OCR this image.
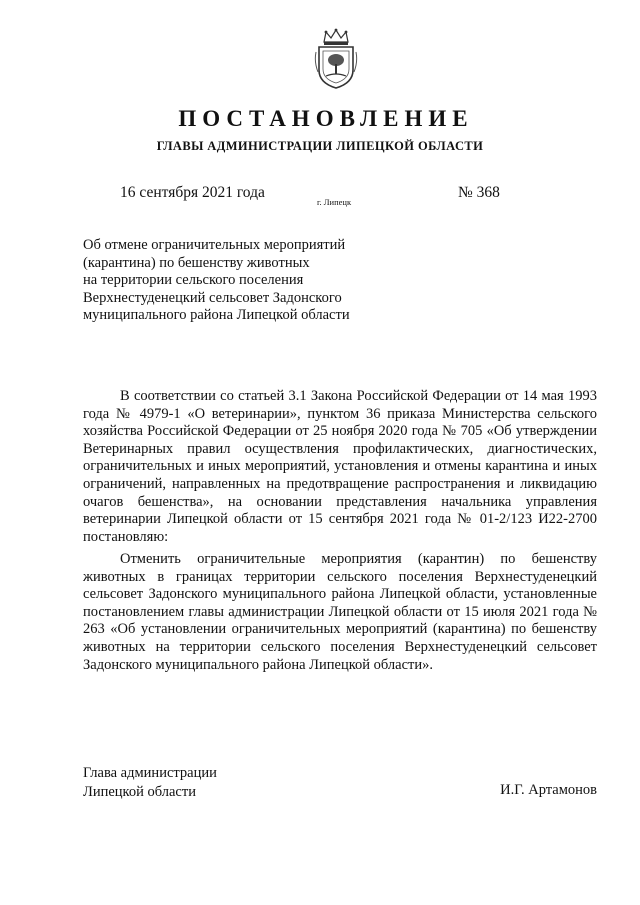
ПОСТАНОВЛЕНИЕ
ГЛАВЫ АДМИНИСТРАЦИИ ЛИПЕЦКОЙ ОБЛАСТИ
16 сентября 2021 года
г. Липецк
№ 368
Об отмене ограничительных мероприятий
(карантина) по бешенству животных
на территории сельского поселения
Верхнестуденецкий сельсовет Задонского
муниципального района Липецкой области

В соответствии со статьей 3.1 Закона Российской Федерации от 14 мая 1993 года № 4979-1 «О ветеринарии», пунктом 36 приказа Министерства сельского хозяйства Российской Федерации от 25 ноября 2020 года № 705 «Об утверждении Ветеринарных правил осуществления профилактических, диагностических, ограничительных и иных мероприятий, установления и отмены карантина и иных ограничений, направленных на предотвращение распространения и ликвидацию очагов бешенства», на основании представления начальника управления ветеринарии Липецкой области от 15 сентября 2021 года № 01-2/123 И22-2700 постановляю:

Отменить ограничительные мероприятия (карантин) по бешенству животных в границах территории сельского поселения Верхнестуденецкий сельсовет Задонского муниципального района Липецкой области, установленные постановлением главы администрации Липецкой области от 15 июля 2021 года № 263 «Об установлении ограничительных мероприятий (карантина) по бешенству животных на территории сельского поселения Верхнестуденецкий сельсовет Задонского муниципального района Липецкой области».

Глава администрации
Липецкой области	И.Г. Артамонов
